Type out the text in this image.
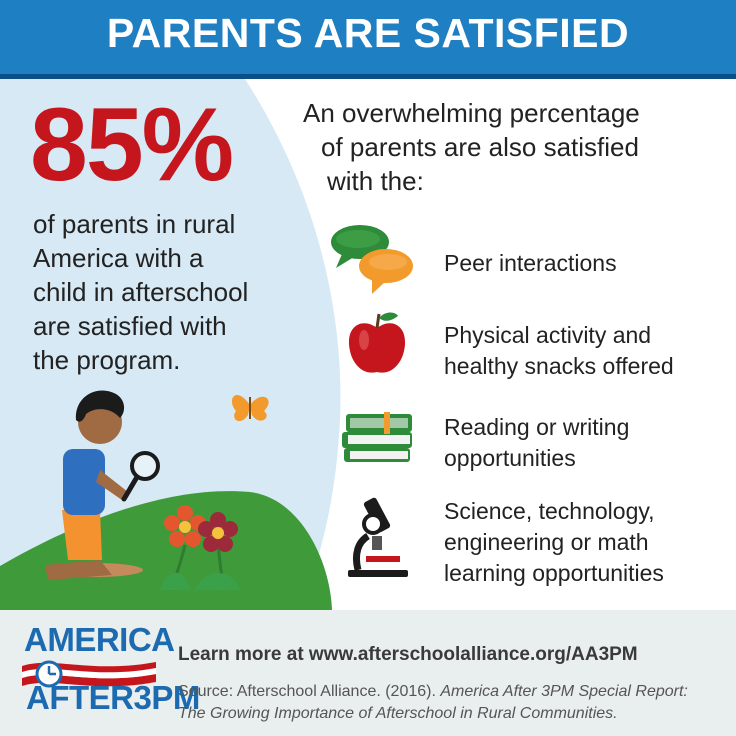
PARENTS ARE SATISFIED
85%
of parents in rural
America with a
child in afterschool
are satisfied with
the program.
An overwhelming percentage
of parents are also satisfied
with the:
Peer interactions
Physical activity and
healthy snacks offered
Reading or writing
opportunities
Science, technology,
engineering or math
learning opportunities
AMERICA
AFTER3PM
Learn more at www.afterschoolalliance.org/AA3PM
Source: Afterschool Alliance. (2016). America After 3PM Special Report:
The Growing Importance of Afterschool in Rural Communities.
